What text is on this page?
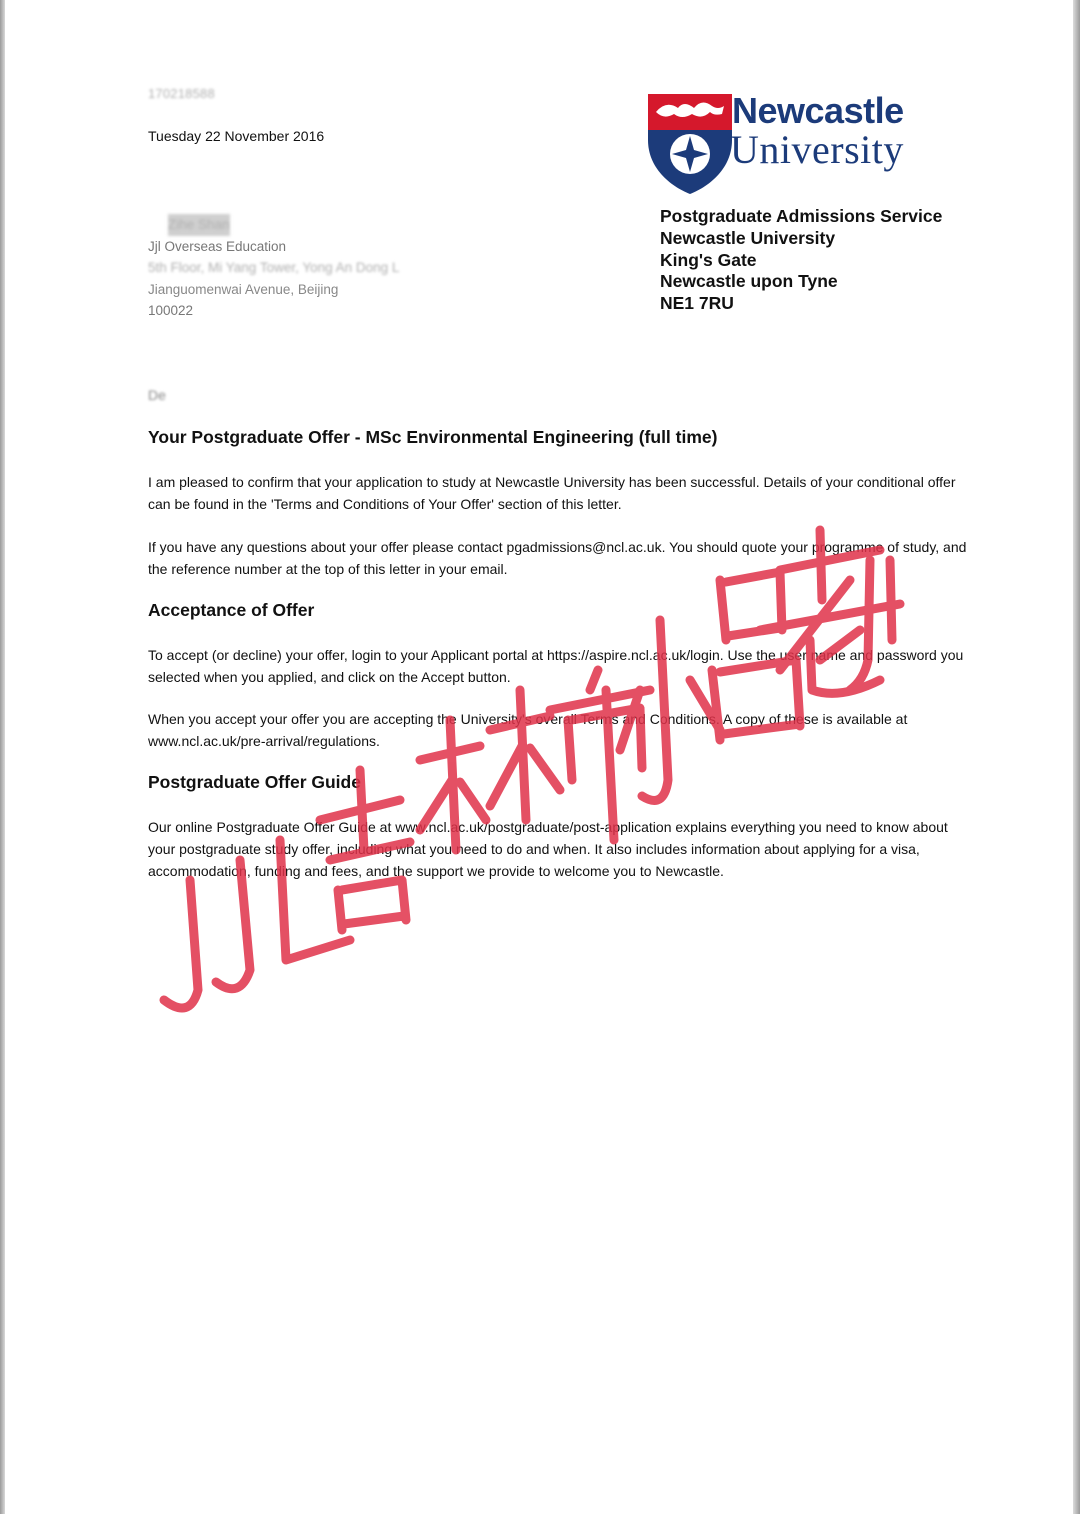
170218588
Tuesday 22 November 2016
Zihe Shan
Jjl Overseas Education
5th Floor, Mi Yang Tower, Yong An Dong L
Jianguomenwai Avenue, Beijing
100022
Newcastle
University
Postgraduate Admissions Service
Newcastle University
King's Gate
Newcastle upon Tyne
NE1 7RU
De
Your Postgraduate Offer - MSc Environmental Engineering (full time)
I am pleased to confirm that your application to study at Newcastle University has been successful. Details of your conditional offer can be found in the 'Terms and Conditions of Your Offer' section of this letter.
If you have any questions about your offer please contact pgadmissions@ncl.ac.uk. You should quote your programme of study, and the reference number at the top of this letter in your email.
Acceptance of Offer
To accept (or decline) your offer, login to your Applicant portal at https://aspire.ncl.ac.uk/login. Use the user name and password you selected when you applied, and click on the Accept button.
When you accept your offer you are accepting the University's overall Terms and Conditions. A copy of these is available at www.ncl.ac.uk/pre-arrival/regulations.
Postgraduate Offer Guide
Our online Postgraduate Offer Guide at www.ncl.ac.uk/postgraduate/post-application explains everything you need to know about your postgraduate study offer, including what you need to do and when. It also includes information about applying for a visa, accommodation, funding and fees, and the support we provide to welcome you to Newcastle.
JJL吉林市小吕老师
